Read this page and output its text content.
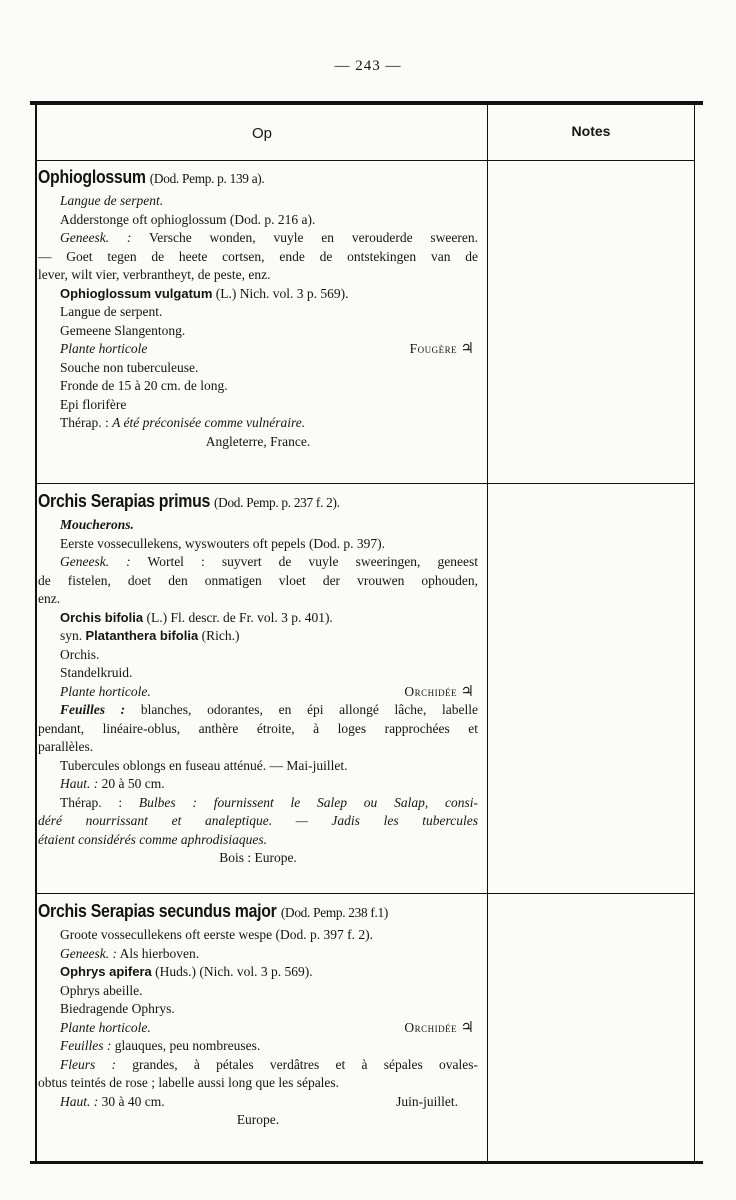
— 243 —
Op	Notes
Ophioglossum (Dod. Pemp. p. 139 a).
Langue de serpent.
Adderstonge oft ophioglossum (Dod. p. 216 a).
Geneesk. : Versche wonden, vuyle en verouderde sweeren.
— Goet tegen de heete cortsen, ende de ontstekingen van de
lever, wilt vier, verbrantheyt, de peste, enz.
Ophioglossum vulgatum (L.) Nich. vol. 3 p. 569).
Langue de serpent.
Gemeene Slangentong.
Plante horticole	Fougère ♃
Souche non tuberculeuse.
Fronde de 15 à 20 cm. de long.
Epi florifère
Thérap. : A été préconisée comme vulnéraire.
Angleterre, France.
Orchis Serapias primus (Dod. Pemp. p. 237 f. 2).
Moucherons.
Eerste vossecullekens, wyswouters oft pepels (Dod. p. 397).
Geneesk. : Wortel : suyvert de vuyle sweeringen, geneest
de fistelen, doet den onmatigen vloet der vrouwen ophouden,
enz.
Orchis bifolia (L.) Fl. descr. de Fr. vol. 3 p. 401).
syn. Platanthera bifolia (Rich.)
Orchis.
Standelkruid.
Plante horticole.	Orchidée ♃
Feuilles : blanches, odorantes, en épi allongé lâche, labelle
pendant, linéaire-oblus, anthère étroite, à loges rapprochées et
parallèles.
Tubercules oblongs en fuseau atténué. — Mai-juillet.
Haut. : 20 à 50 cm.
Thérap. : Bulbes : fournissent le Salep ou Salap, consi-
déré nourrissant et analeptique. — Jadis les tubercules
étaient considérés comme aphrodisiaques.
Bois : Europe.
Orchis Serapias secundus major (Dod. Pemp. 238 f.1)
Groote vossecullekens oft eerste wespe (Dod. p. 397 f. 2).
Geneesk. : Als hierboven.
Ophrys apifera (Huds.) (Nich. vol. 3 p. 569).
Ophrys abeille.
Biedragende Ophrys.
Plante horticole.	Orchidée ♃
Feuilles : glauques, peu nombreuses.
Fleurs : grandes, à pétales verdâtres et à sépales ovales-
obtus teintés de rose ; labelle aussi long que les sépales.
Haut. : 30 à 40 cm.	Juin-juillet.
Europe.
